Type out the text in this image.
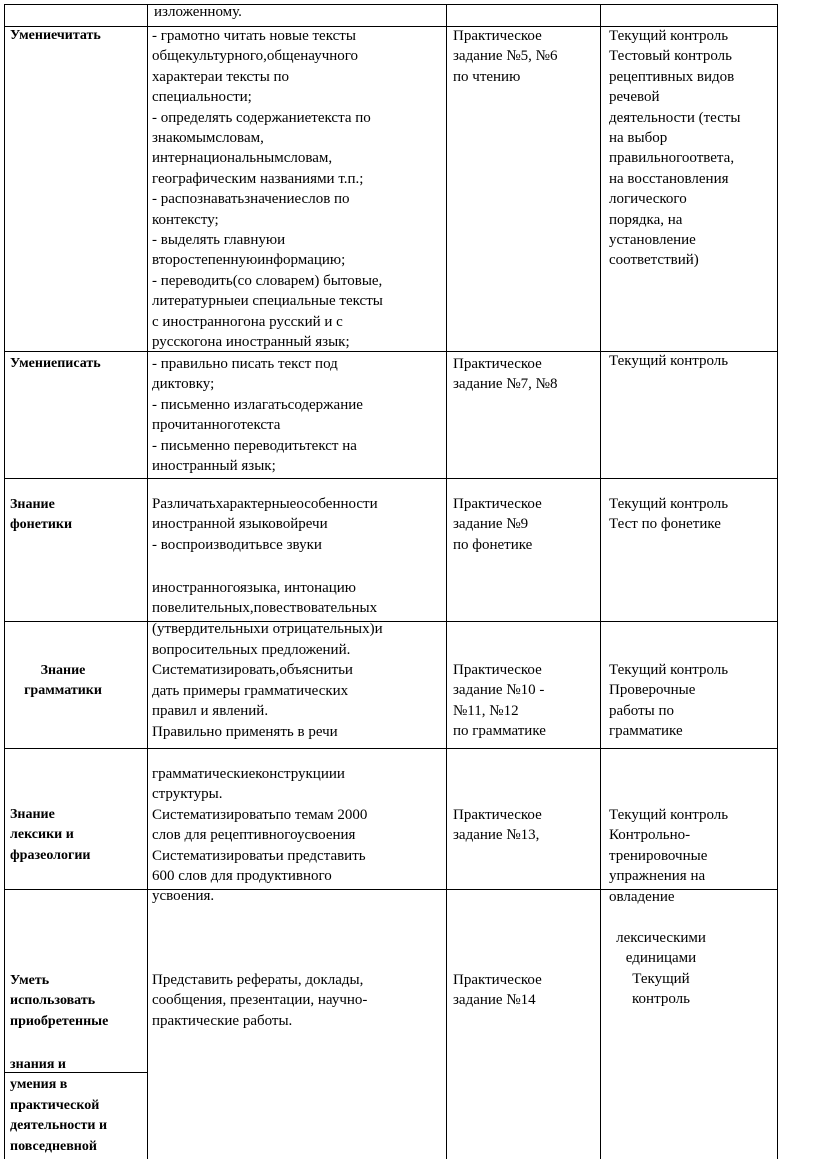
изложенному.
Умениечитать	- грамотно читать новые тексты
общекультурного,общенаучного
характераи тексты по
специальности;
- определять содержаниетекста по
знакомымсловам,
интернациональнымсловам,
географическим названиями т.п.;
- распознаватьзначениеслов по
контексту;
- выделять главнуюи
второстепеннуюинформацию;
- переводить(со словарем) бытовые,
литературныеи специальные тексты
с иностранногона русский и с
русскогона иностранный язык;
Практическое
задание №5, №6
по чтению
Текущий контроль
Тестовый контроль
рецептивных видов
речевой
деятельности (тесты
на выбор
правильногоответа,
на восстановления
логического
порядка, на
установление
соответствий)
Умениеписать	- правильно писать текст под
диктовку;
- письменно излагатьсодержание
прочитанноготекста
- письменно переводитьтекст на
иностранный язык;
Практическое
задание №7, №8
Текущий контроль
Знание
фонетики
Различатьхарактерныеособенности
иностранной языковойречи
- воспроизводитьвсе звуки
иностранногоязыка, интонацию
повелительных,повествовательных
(утвердительныхи отрицательных)и
Практическое
задание №9
по фонетике
Текущий контроль
Тест по фонетике
Знание
грамматики
вопросительных предложений.
Систематизировать,объяснитьи
дать примеры грамматических
правил и явлений.
Правильно применять в речи
Практическое
задание №10 -
№11, №12
по грамматике
Текущий контроль
Проверочные
работы по
грамматике
Знание
лексики и
фразеологии
грамматическиеконструкциии
структуры.
Систематизироватьпо темам 2000
слов для рецептивногоусвоения
Систематизироватьи представить
600 слов для продуктивного
усвоения.
Практическое
задание №13,
Текущий контроль
Контрольно-
тренировочные
упражнения на
овладение
лексическими
единицами
Текущий контроль
Уметь
использовать
приобретенные
знания и
умения в
практической
деятельности и
повседневной
Представить рефераты, доклады,
сообщения, презентации, научно-
практические работы.
Практическое
задание №14
